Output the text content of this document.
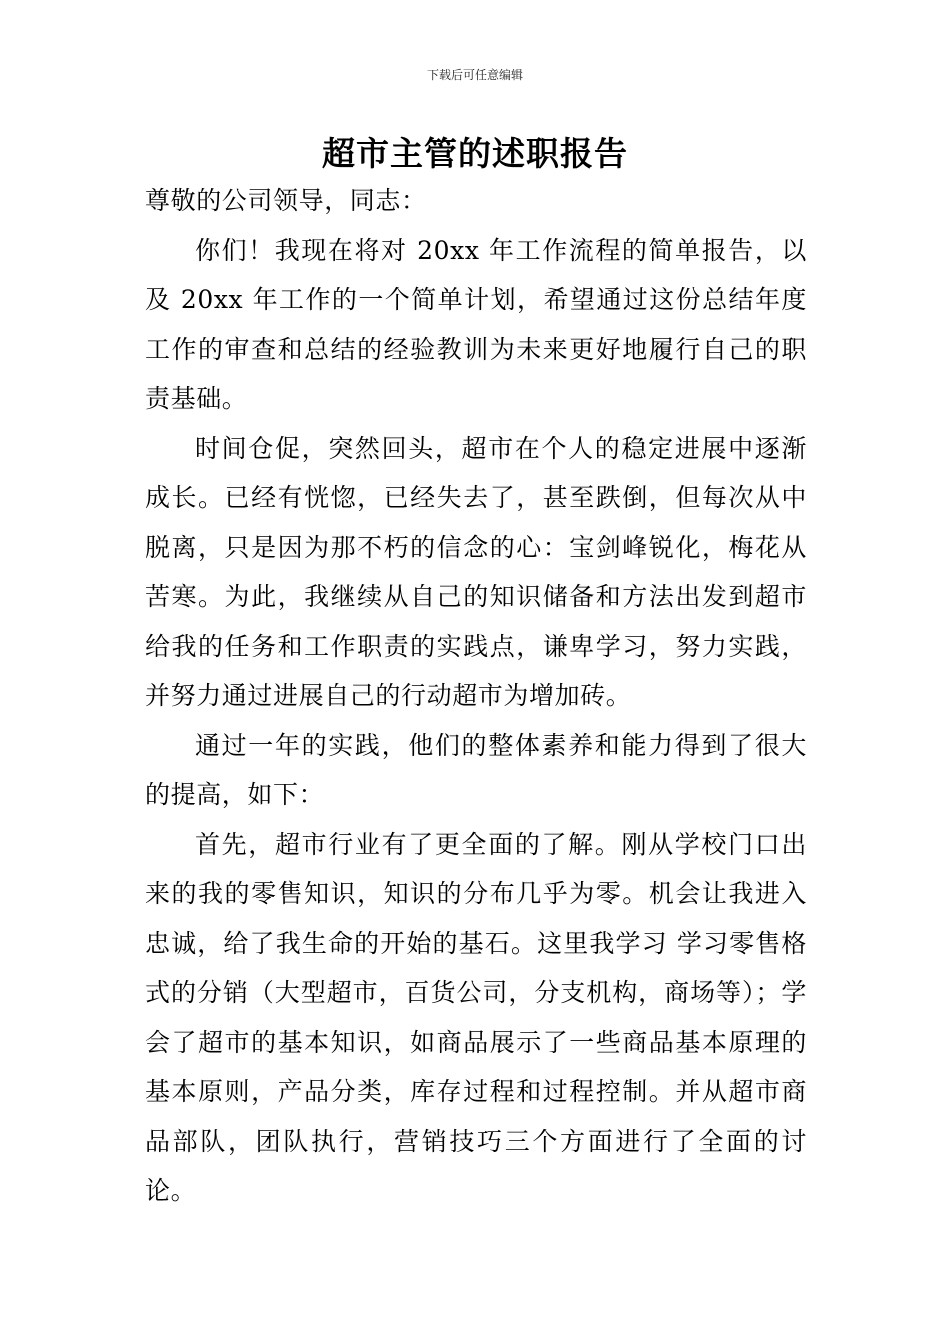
下载后可任意编辑
超市主管的述职报告

尊敬的公司领导，同志：

你们！我现在将对 20xx 年工作流程的简单报告，以及 20xx 年工作的一个简单计划，希望通过这份总结年度工作的审查和总结的经验教训为未来更好地履行自己的职责基础。

时间仓促，突然回头，超市在个人的稳定进展中逐渐成长。已经有恍惚，已经失去了，甚至跌倒，但每次从中脱离，只是因为那不朽的信念的心：宝剑峰锐化，梅花从苦寒。为此，我继续从自己的知识储备和方法出发到超市给我的任务和工作职责的实践点，谦卑学习，努力实践，并努力通过进展自己的行动超市为增加砖。

通过一年的实践，他们的整体素养和能力得到了很大的提高，如下：

首先，超市行业有了更全面的了解。刚从学校门口出来的我的零售知识，知识的分布几乎为零。机会让我进入忠诚，给了我生命的开始的基石。这里我学习 学习零售格式的分销（大型超市，百货公司，分支机构，商场等）；学会了超市的基本知识，如商品展示了一些商品基本原理的基本原则，产品分类，库存过程和过程控制。并从超市商品部队，团队执行，营销技巧三个方面进行了全面的讨论。
